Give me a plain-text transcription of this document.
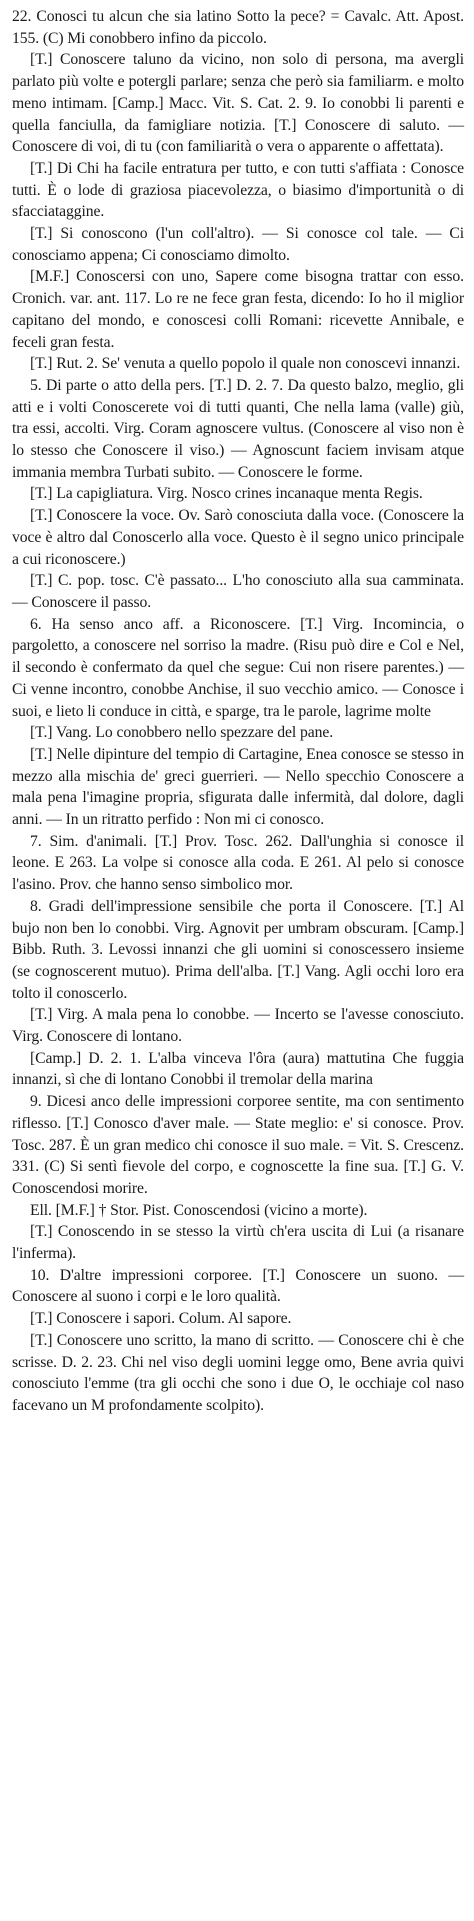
22. Conosci tu alcun che sia latino Sotto la pece? = Cavalc. Att. Apost. 155. (C) Mi conobbero infino da piccolo.

[T.] Conoscere taluno da vicino, non solo di persona, ma avergli parlato più volte e potergli parlare; senza che però sia familiarm. e molto meno intimam. [Camp.] Macc. Vit. S. Cat. 2. 9. Io conobbi li parenti e quella fanciulla, da famigliare notizia. [T.] Conoscere di saluto. — Conoscere di voi, di tu (con familiarità o vera o apparente o affettata).

[T.] Di Chi ha facile entratura per tutto, e con tutti s'affiata : Conosce tutti. È o lode di graziosa piacevolezza, o biasimo d'importunità o di sfacciataggine.

[T.] Si conoscono (l'un coll'altro). — Si conosce col tale. — Ci conosciamo appena; Ci conosciamo dimolto.

[M.F.] Conoscersi con uno, Sapere come bisogna trattar con esso. Cronich. var. ant. 117. Lo re ne fece gran festa, dicendo: Io ho il miglior capitano del mondo, e conoscesi colli Romani: ricevette Annibale, e feceli gran festa.

[T.] Rut. 2. Se' venuta a quello popolo il quale non conoscevi innanzi.

5. Di parte o atto della pers. [T.] D. 2. 7. Da questo balzo, meglio, gli atti e i volti Conoscerete voi di tutti quanti, Che nella lama (valle) giù, tra essi, accolti. Virg. Coram agnoscere vultus. (Conoscere al viso non è lo stesso che Conoscere il viso.) — Agnoscunt faciem invisam atque immania membra Turbati subito. — Conoscere le forme.

[T.] La capigliatura. Virg. Nosco crines incanaque menta Regis.

[T.] Conoscere la voce. Ov. Sarò conosciuta dalla voce. (Conoscere la voce è altro dal Conoscerlo alla voce. Questo è il segno unico principale a cui riconoscere.)

[T.] C. pop. tosc. C'è passato... L'ho conosciuto alla sua camminata. — Conoscere il passo.

6. Ha senso anco aff. a Riconoscere. [T.] Virg. Incomincia, o pargoletto, a conoscere nel sorriso la madre. (Risu può dire e Col e Nel, il secondo è confermato da quel che segue: Cui non risere parentes.) — Ci venne incontro, conobbe Anchise, il suo vecchio amico. — Conosce i suoi, e lieto li conduce in città, e sparge, tra le parole, lagrime molte

[T.] Vang. Lo conobbero nello spezzare del pane.

[T.] Nelle dipinture del tempio di Cartagine, Enea conosce se stesso in mezzo alla mischia de' greci guerrieri. — Nello specchio Conoscere a mala pena l'imagine propria, sfigurata dalle infermità, dal dolore, dagli anni. — In un ritratto perfido : Non mi ci conosco.

7. Sim. d'animali. [T.] Prov. Tosc. 262. Dall'unghia si conosce il leone. E 263. La volpe si conosce alla coda. E 261. Al pelo si conosce l'asino. Prov. che hanno senso simbolico mor.

8. Gradi dell'impressione sensibile che porta il Conoscere. [T.] Al bujo non ben lo conobbi. Virg. Agnovit per umbram obscuram. [Camp.] Bibb. Ruth. 3. Levossi innanzi che gli uomini si conoscessero insieme (se cognoscerent mutuo). Prima dell'alba. [T.] Vang. Agli occhi loro era tolto il conoscerlo.

[T.] Virg. A mala pena lo conobbe. — Incerto se l'avesse conosciuto. Virg. Conoscere di lontano.

[Camp.] D. 2. 1. L'alba vinceva l'ôra (aura) mattutina Che fuggia innanzi, sì che di lontano Conobbi il tremolar della marina

9. Dicesi anco delle impressioni corporee sentite, ma con sentimento riflesso. [T.] Conosco d'aver male. — State meglio: e' si conosce. Prov. Tosc. 287. È un gran medico chi conosce il suo male. = Vit. S. Crescenz. 331. (C) Si sentì fievole del corpo, e cognoscette la fine sua. [T.] G. V. Conoscendosi morire.

Ell. [M.F.] † Stor. Pist. Conoscendosi (vicino a morte).

[T.] Conoscendo in se stesso la virtù ch'era uscita di Lui (a risanare l'inferma).

10. D'altre impressioni corporee. [T.] Conoscere un suono. — Conoscere al suono i corpi e le loro qualità.

[T.] Conoscere i sapori. Colum. Al sapore.

[T.] Conoscere uno scritto, la mano di scritto. — Conoscere chi è che scrisse. D. 2. 23. Chi nel viso degli uomini legge omo, Bene avria quivi conosciuto l'emme (tra gli occhi che sono i due O, le occhiaje col naso facevano un M profondamente scolpito).
